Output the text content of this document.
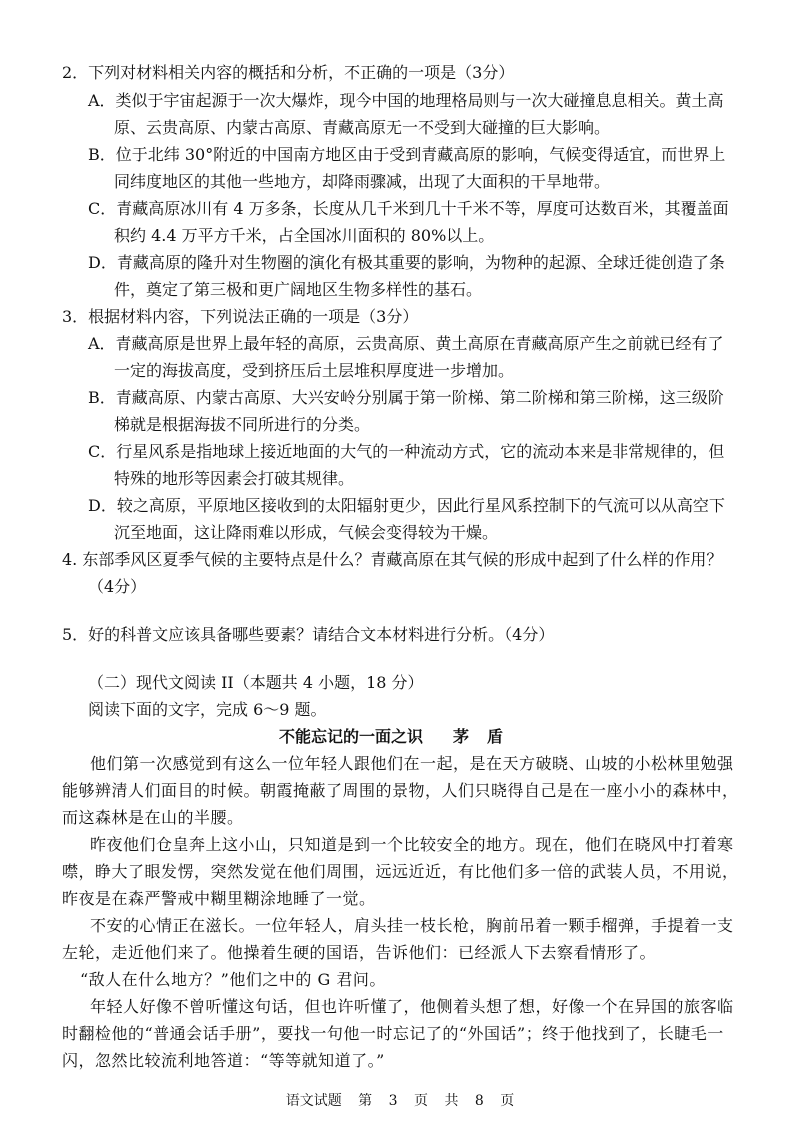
2．下列对材料相关内容的概括和分析，不正确的一项是（3分）
A．类似于宇宙起源于一次大爆炸，现今中国的地理格局则与一次大碰撞息息相关。黄土高
原、云贵高原、内蒙古高原、青藏高原无一不受到大碰撞的巨大影响。
B．位于北纬 30°附近的中国南方地区由于受到青藏高原的影响，气候变得适宜，而世界上
同纬度地区的其他一些地方，却降雨骤减，出现了大面积的干旱地带。
C．青藏高原冰川有 4 万多条，长度从几千米到几十千米不等，厚度可达数百米，其覆盖面
积约 4.4 万平方千米，占全国冰川面积的 80%以上。
D．青藏高原的隆升对生物圈的演化有极其重要的影响，为物种的起源、全球迁徙创造了条
件，奠定了第三极和更广阔地区生物多样性的基石。
3．根据材料内容，下列说法正确的一项是（3分）
A．青藏高原是世界上最年轻的高原，云贵高原、黄土高原在青藏高原产生之前就已经有了
一定的海拔高度，受到挤压后土层堆积厚度进一步增加。
B．青藏高原、内蒙古高原、大兴安岭分别属于第一阶梯、第二阶梯和第三阶梯，这三级阶
梯就是根据海拔不同所进行的分类。
C．行星风系是指地球上接近地面的大气的一种流动方式，它的流动本来是非常规律的，但
特殊的地形等因素会打破其规律。
D．较之高原，平原地区接收到的太阳辐射更少，因此行星风系控制下的气流可以从高空下
沉至地面，这让降雨难以形成，气候会变得较为干燥。
4. 东部季风区夏季气候的主要特点是什么？青藏高原在其气候的形成中起到了什么样的作用？
（4分）
5．好的科普文应该具备哪些要素？请结合文本材料进行分析。（4分）
（二）现代文阅读 II（本题共 4 小题，18 分）
阅读下面的文字，完成 6～9 题。
不能忘记的一面之识 茅盾
他们第一次感觉到有这么一位年轻人跟他们在一起，是在天方破晓、山坡的小松林里勉强
能够辨清人们面目的时候。朝霞掩蔽了周围的景物，人们只晓得自己是在一座小小的森林中，
而这森林是在山的半腰。
昨夜他们仓皇奔上这小山，只知道是到一个比较安全的地方。现在，他们在晓风中打着寒
噤，睁大了眼发愣，突然发觉在他们周围，远远近近，有比他们多一倍的武装人员，不用说，
昨夜是在森严警戒中糊里糊涂地睡了一觉。
不安的心情正在滋长。一位年轻人，肩头挂一枝长枪，胸前吊着一颗手榴弹，手提着一支
左轮，走近他们来了。他操着生硬的国语，告诉他们：已经派人下去察看情形了。
“敌人在什么地方？”他们之中的 G 君问。
年轻人好像不曾听懂这句话，但也许听懂了，他侧着头想了想，好像一个在异国的旅客临
时翻检他的“普通会话手册”，要找一句他一时忘记了的“外国话”；终于他找到了，长睫毛一
闪，忽然比较流利地答道：“等等就知道了。”
语文试题 第 3 页 共 8 页
